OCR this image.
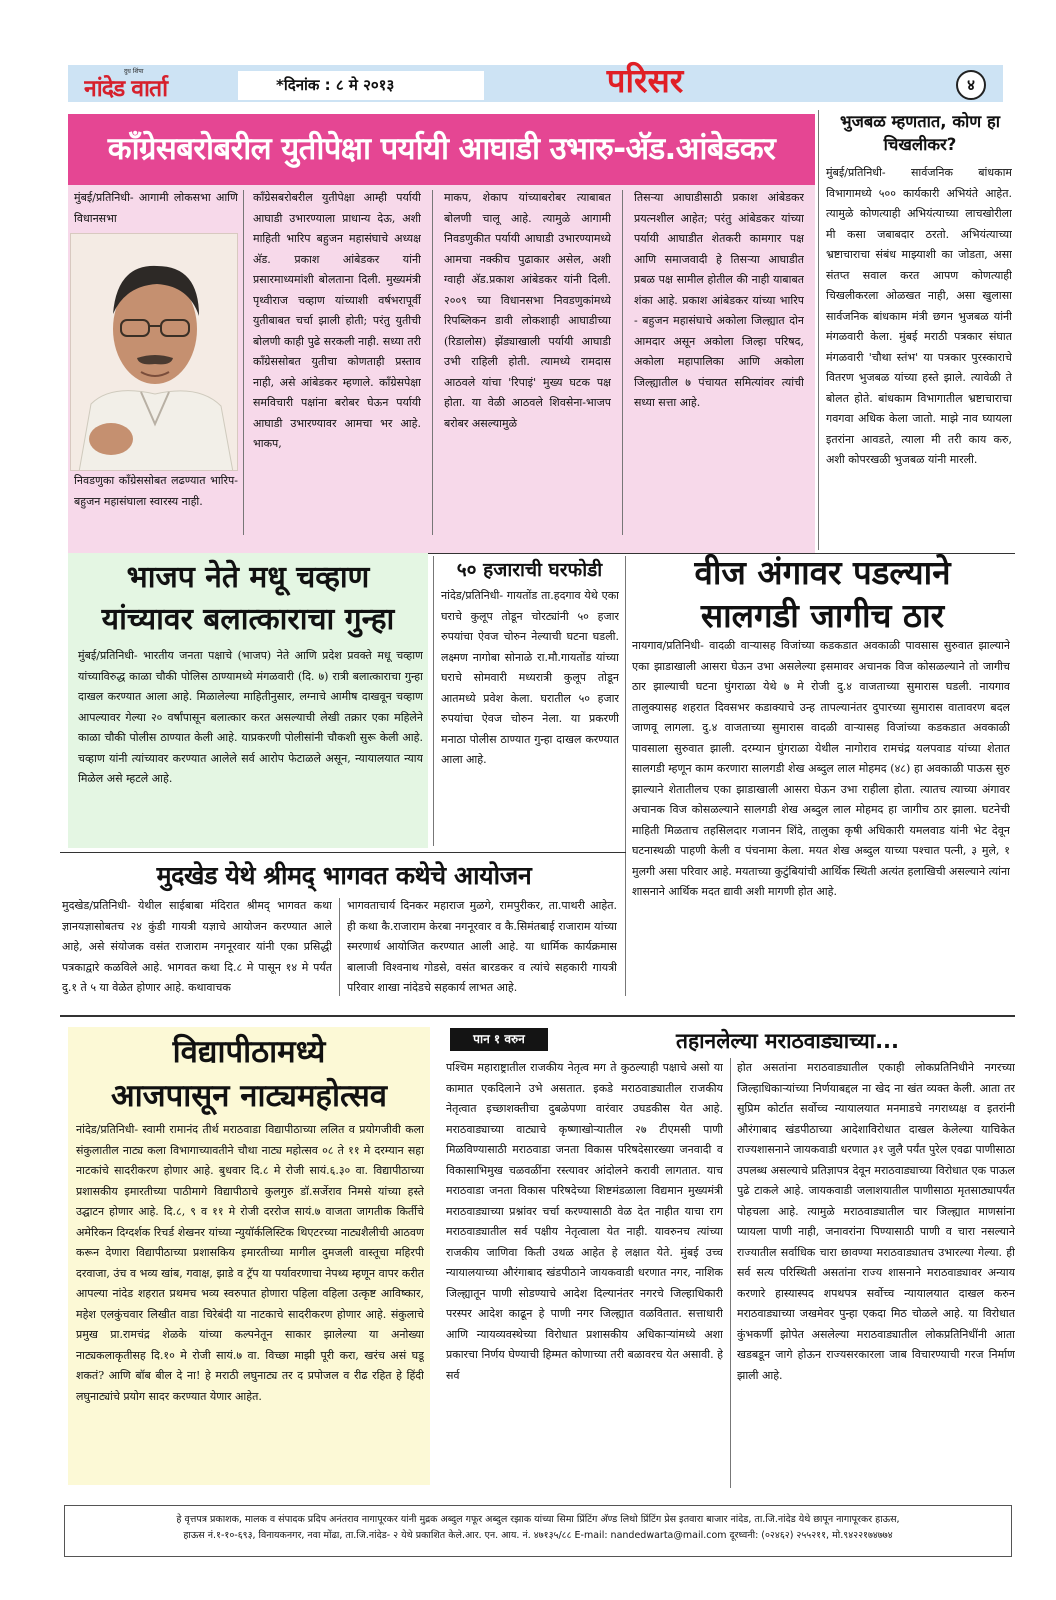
दुध शिंपा
नांदेड वार्ता	*दिनांक : ८ मे २०१३	परिसर	४
काँग्रेसबरोबरील युतीपेक्षा पर्यायी आघाडी उभारु-अ‍ॅड.आंबेडकर

मुंबई/प्रतिनिधी- आगामी लोकसभा आणि विधानसभा

निवडणुका काँग्रेससोबत लढण्यात भारिप- बहुजन महासंघाला स्वारस्य नाही.

काँग्रेसबरोबरील युतीपेक्षा आम्ही पर्यायी आघाडी उभारण्याला प्राधान्य देऊ, अशी माहिती भारिप बहुजन महासंघाचे अध्यक्ष अ‍ॅड. प्रकाश आंबेडकर यांनी प्रसारमाध्यमांशी बोलताना दिली. मुख्यमंत्री पृथ्वीराज चव्हाण यांच्याशी वर्षभरापूर्वी युतीबाबत चर्चा झाली होती; परंतु युतीची बोलणी काही पुढे सरकली नाही. सध्या तरी काँग्रेससोबत युतीचा कोणताही प्रस्ताव नाही, असे आंबेडकर म्हणाले. काँग्रेसपेक्षा समविचारी पक्षांना बरोबर घेऊन पर्यायी आघाडी उभारण्यावर आमचा भर आहे. भाकप,

माकप, शेकाप यांच्याबरोबर त्याबाबत बोलणी चालू आहे. त्यामुळे आगामी निवडणुकीत पर्यायी आघाडी उभारण्यामध्ये आमचा नक्कीच पुढाकार असेल, अशी ग्वाही अ‍ॅड.प्रकाश आंबेडकर यांनी दिली. २००९ च्या विधानसभा निवडणुकांमध्ये रिपब्लिकन डावी लोकशाही आघाडीच्या (रिडालोस) झेंड्याखाली पर्यायी आघाडी उभी राहिली होती. त्यामध्ये रामदास आठवले यांचा 'रिपाइं' मुख्य घटक पक्ष होता. या वेळी आठवले शिवसेना-भाजप बरोबर असल्यामुळे

तिसऱ्या आघाडीसाठी प्रकाश आंबेडकर प्रयत्नशील आहेत; परंतु आंबेडकर यांच्या पर्यायी आघाडीत शेतकरी कामगार पक्ष आणि समाजवादी हे तिसऱ्या आघाडीत प्रबळ पक्ष सामील होतील की नाही याबाबत शंका आहे. प्रकाश आंबेडकर यांच्या भारिप - बहुजन महासंघाचे अकोला जिल्ह्यात दोन आमदार असून अकोला जिल्हा परिषद, अकोला महापालिका आणि अकोला जिल्ह्यातील ७ पंचायत समित्यांवर त्यांची सध्या सत्ता आहे.

भुजबळ म्हणतात, कोण हा चिखलीकर?

मुंबई/प्रतिनिधी- सार्वजनिक बांधकाम विभागामध्ये ५०० कार्यकारी अभियंते आहेत. त्यामुळे कोणत्याही अभियंत्याच्या लाचखोरीला मी कसा जबाबदार ठरतो. अभियंत्याच्या भ्रष्टाचाराचा संबंध माझ्याशी का जोडता, असा संतप्त सवाल करत आपण कोणत्याही चिखलीकरला ओळखत नाही, असा खुलासा सार्वजनिक बांधकाम मंत्री छगन भुजबळ यांनी मंगळवारी केला. मुंबई मराठी पत्रकार संघात मंगळवारी 'चौथा स्तंभ' या पत्रकार पुरस्काराचे वितरण भुजबळ यांच्या हस्ते झाले. त्यावेळी ते बोलत होते. बांधकाम विभागातील भ्रष्टाचाराचा गवगवा अधिक केला जातो. माझे नाव घ्यायला इतरांना आवडते, त्याला मी तरी काय करु, अशी कोपरखळी भुजबळ यांनी मारली.

भाजप नेते मधू चव्हाण
यांच्यावर बलात्काराचा गुन्हा

मुंबई/प्रतिनिधी- भारतीय जनता पक्षाचे (भाजप) नेते आणि प्रदेश प्रवक्ते मधू चव्हाण यांच्याविरुद्ध काळा चौकी पोलिस ठाण्यामध्ये मंगळवारी (दि. ७) रात्री बलात्काराचा गुन्हा दाखल करण्यात आला आहे. मिळालेल्या माहितीनुसार, लग्नाचे आमीष दाखवून चव्हाण आपल्यावर गेल्या २० वर्षांपासून बलात्कार करत असल्याची लेखी तक्रार एका महिलेने काळा चौकी पोलीस ठाण्यात केली आहे. याप्रकरणी पोलीसांनी चौकशी सुरू केली आहे. चव्हाण यांनी त्यांच्यावर करण्यात आलेले सर्व आरोप फेटाळले असून, न्यायालयात न्याय मिळेल असे म्हटले आहे.

५० हजाराची घरफोडी

नांदेड/प्रतिनिधी- गायतोंड ता.हदगाव येथे एका घराचे कुलूप तोडून चोरट्यांनी ५० हजार रुपयांचा ऐवज चोरुन नेल्याची घटना घडली. लक्ष्मण नागोबा सोनाळे रा.मौ.गायतोंड यांच्या घराचे सोमवारी मध्यरात्री कुलूप तोडून आतमध्ये प्रवेश केला. घरातील ५० हजार रुपयांचा ऐवज चोरुन नेला. या प्रकरणी मनाठा पोलीस ठाण्यात गुन्हा दाखल करण्यात आला आहे.

वीज अंगावर पडल्याने
सालगडी जागीच ठार

नायगाव/प्रतिनिधी- वादळी वाऱ्यासह विजांच्या कडकडात अवकाळी पावसास सुरुवात झाल्याने एका झाडाखाली आसरा घेऊन उभा असलेल्या इसमावर अचानक विज कोसळल्याने तो जागीच ठार झाल्याची घटना घुंगराळा येथे ७ मे रोजी दु.४ वाजताच्या सुमारास घडली. नायगाव तालुक्यासह शहरात दिवसभर कडाक्याचे उन्ह तापल्यानंतर दुपारच्या सुमारास वातावरण बदल जाणवू लागला. दु.४ वाजताच्या सुमारास वादळी वाऱ्यासह विजांच्या कडकडात अवकाळी पावसाला सुरुवात झाली. दरम्यान घुंगराळा येथील नागोराव रामचंद्र यलपवाड यांच्या शेतात सालगडी म्हणून काम करणारा सालगडी शेख अब्दुल लाल मोहमद (४८) हा अवकाळी पाऊस सुरु झाल्याने शेतातीलच एका झाडाखाली आसरा घेऊन उभा राहीला होता. त्यातच त्याच्या अंगावर अचानक विज कोसळल्याने सालगडी शेख अब्दुल लाल मोहमद हा जागीच ठार झाला. घटनेची माहिती मिळताच तहसिलदार गजानन शिंदे, तालुका कृषी अधिकारी यमलवाड यांनी भेट देवून घटनास्थळी पाहणी केली व पंचनामा केला. मयत शेख अब्दुल याच्या पश्चात पत्नी, ३ मुले, १ मुलगी असा परिवार आहे. मयताच्या कुटुंबियांची आर्थिक स्थिती अत्यंत हलाखिची असल्याने त्यांना शासनाने आर्थिक मदत द्यावी अशी मागणी होत आहे.

मुदखेड येथे श्रीमद् भागवत कथेचे आयोजन

मुदखेड/प्रतिनिधी- येथील साईबाबा मंदिरात श्रीमद् भागवत कथा ज्ञानयज्ञासोबतच २४ कुंडी गायत्री यज्ञाचे आयोजन करण्यात आले आहे, असे संयोजक वसंत राजाराम नगनूरवार यांनी एका प्रसिद्धी पत्रकाद्वारे कळविले आहे. भागवत कथा दि.८ मे पासून १४ मे पर्यंत दु.१ ते ५ या वेळेत होणार आहे. कथावाचक

भागवताचार्य दिनकर महाराज मुळगे, रामपुरीकर, ता.पाथरी आहेत. ही कथा कै.राजाराम केरबा नगनूरवार व कै.सिमंतबाई राजाराम यांच्या स्मरणार्थ आयोजित करण्यात आली आहे. या धार्मिक कार्यक्रमास बालाजी विश्वनाथ गोडसे, वसंत बारडकर व त्यांचे सहकारी गायत्री परिवार शाखा नांदेडचे सहकार्य लाभत आहे.

विद्यापीठामध्ये
आजपासून नाट्यमहोत्सव

नांदेड/प्रतिनिधी- स्वामी रामानंद तीर्थ मराठवाडा विद्यापीठाच्या ललित व प्रयोगजीवी कला संकुलातील नाट्य कला विभागाच्यावतीने चौथा नाट्य महोत्सव ०८ ते ११ मे दरम्यान सहा नाटकांचे सादरीकरण होणार आहे. बुधवार दि.८ मे रोजी सायं.६.३० वा. विद्यापीठाच्या प्रशासकीय इमारतीच्या पाठीमागे विद्यापीठाचे कुलगुरु डॉ.सर्जेराव निमसे यांच्या हस्ते उद्घाटन होणार आहे. दि.८, ९ व ११ मे रोजी दररोज सायं.७ वाजता जागतीक किर्तीचे अमेरिकन दिग्दर्शक रिचर्ड शेखनर यांच्या न्युयॉर्कलिस्टिक थिएटरच्या नाट्यशैलीची आठवण करून देणारा विद्यापीठाच्या प्रशासकिय इमारतीच्या मागील दुमजली वास्तूचा महिरपी दरवाजा, उंच व भव्य खांब, गवाक्ष, झाडे व ट्रॅप या पर्यावरणाचा नेपथ्य म्हणून वापर करीत आपल्या नांदेड शहरात प्रथमच भव्य स्वरुपात होणारा पहिला वहिला उत्कृष्ट आविष्कार, महेश एलकुंचवार लिखीत वाडा चिरेबंदी या नाटकाचे सादरीकरण होणार आहे. संकुलाचे प्रमुख प्रा.रामचंद्र शेळके यांच्या कल्पनेतून साकार झालेल्या या अनोख्या नाट्यकलाकृतीसह दि.१० मे रोजी सायं.७ वा. विच्छा माझी पूरी करा, खरंच असं घडू शकतं? आणि बॉब बील दे ना! हे मराठी लघुनाट्य तर द प्रपोजल व रीढ रहित हे हिंदी लघुनाट्यांचे प्रयोग सादर करण्यात येणार आहेत.

पान १ वरुन	तहानलेल्या मराठवाड्याच्या...

पश्चिम महाराष्ट्रातील राजकीय नेतृत्व मग ते कुठल्याही पक्षाचे असो या कामात एकदिलाने उभे असतात. इकडे मराठवाड्यातील राजकीय नेतृत्वात इच्छाशक्तीचा दुबळेपणा वारंवार उघडकीस येत आहे. मराठवाड्याच्या वाट्याचे कृष्णाखोऱ्यातील २७ टीएमसी पाणी मिळविण्यासाठी मराठवाडा जनता विकास परिषदेसारख्या जनवादी व विकासाभिमुख चळवळींना रस्त्यावर आंदोलने करावी लागतात. याच मराठवाडा जनता विकास परिषदेच्या शिष्टमंडळाला विद्यमान मुख्यमंत्री मराठवाड्याच्या प्रश्नांवर चर्चा करण्यासाठी वेळ देत नाहीत याचा राग मराठवाड्यातील सर्व पक्षीय नेतृत्वाला येत नाही. यावरुनच त्यांच्या राजकीय जाणिवा किती उथळ आहेत हे लक्षात येते. मुंबई उच्च न्यायालयाच्या औरंगाबाद खंडपीठाने जायकवाडी धरणात नगर, नाशिक जिल्ह्यातून पाणी सोडण्याचे आदेश दिल्यानंतर नगरचे जिल्हाधिकारी परस्पर आदेश काढून हे पाणी नगर जिल्ह्यात वळवितात. सत्ताधारी आणि न्यायव्यवस्थेच्या विरोधात प्रशासकीय अधिकाऱ्यांमध्ये अशा प्रकारचा निर्णय घेण्याची हिम्मत कोणाच्या तरी बळावरच येत असावी. हे सर्व

होत असतांना मराठवाड्यातील एकाही लोकप्रतिनिधीने नगरच्या जिल्हाधिकाऱ्यांच्या निर्णयाबद्दल ना खेद ना खंत व्यक्त केली. आता तर सुप्रिम कोर्टात सर्वोच्च न्यायालयात मनमाडचे नगराध्यक्ष व इतरांनी औरंगाबाद खंडपीठाच्या आदेशाविरोधात दाखल केलेल्या याचिकेत राज्यशासनाने जायकवाडी धरणात ३१ जुलै पर्यंत पुरेल एवढा पाणीसाठा उपलब्ध असल्याचे प्रतिज्ञापत्र देवून मराठवाड्याच्या विरोधात एक पाऊल पुढे टाकले आहे. जायकवाडी जलाशयातील पाणीसाठा मृतसाठ्यापर्यंत पोहचला आहे. त्यामुळे मराठवाड्यातील चार जिल्ह्यात माणसांना प्यायला पाणी नाही, जनावरांना पिण्यासाठी पाणी व चारा नसल्याने राज्यातील सर्वाधिक चारा छावण्या मराठवाड्यातच उभारल्या गेल्या. ही सर्व सत्य परिस्थिती असतांना राज्य शासनाने मराठवाड्यावर अन्याय करणारे हास्यास्पद शपथपत्र सर्वोच्च न्यायालयात दाखल करुन मराठवाड्याच्या जखमेवर पुन्हा एकदा मिठ चोळले आहे. या विरोधात कुंभकर्णी झोपेत असलेल्या मराठवाड्यातील लोकप्रतिनिधींनी आता खडबडून जागे होऊन राज्यसरकारला जाब विचारण्याची गरज निर्माण झाली आहे.

हे वृत्तपत्र प्रकाशक, मालक व संपादक प्रदिप अनंतराव नागापूरकर यांनी मुद्रक अब्दुल गफूर अब्दुल रझाक यांच्या सिमा प्रिंटिंग अ‍ॅण्ड लिथो प्रिंटिंग प्रेस इतवारा बाजार नांदेड, ता.जि.नांदेड येथे छापून नागापूरकर हाऊस,
हाऊस नं.१-१०-६९३, विनायकनगर, नवा मोंढा, ता.जि.नांदेड- २ येथे प्रकाशित केले.आर. एन. आय. नं. ४७१३५/८८ E-mail: nandedwarta@mail.com दूरध्वनी: (०२४६२) २५५२११, मो.९४२२१७४७७४
